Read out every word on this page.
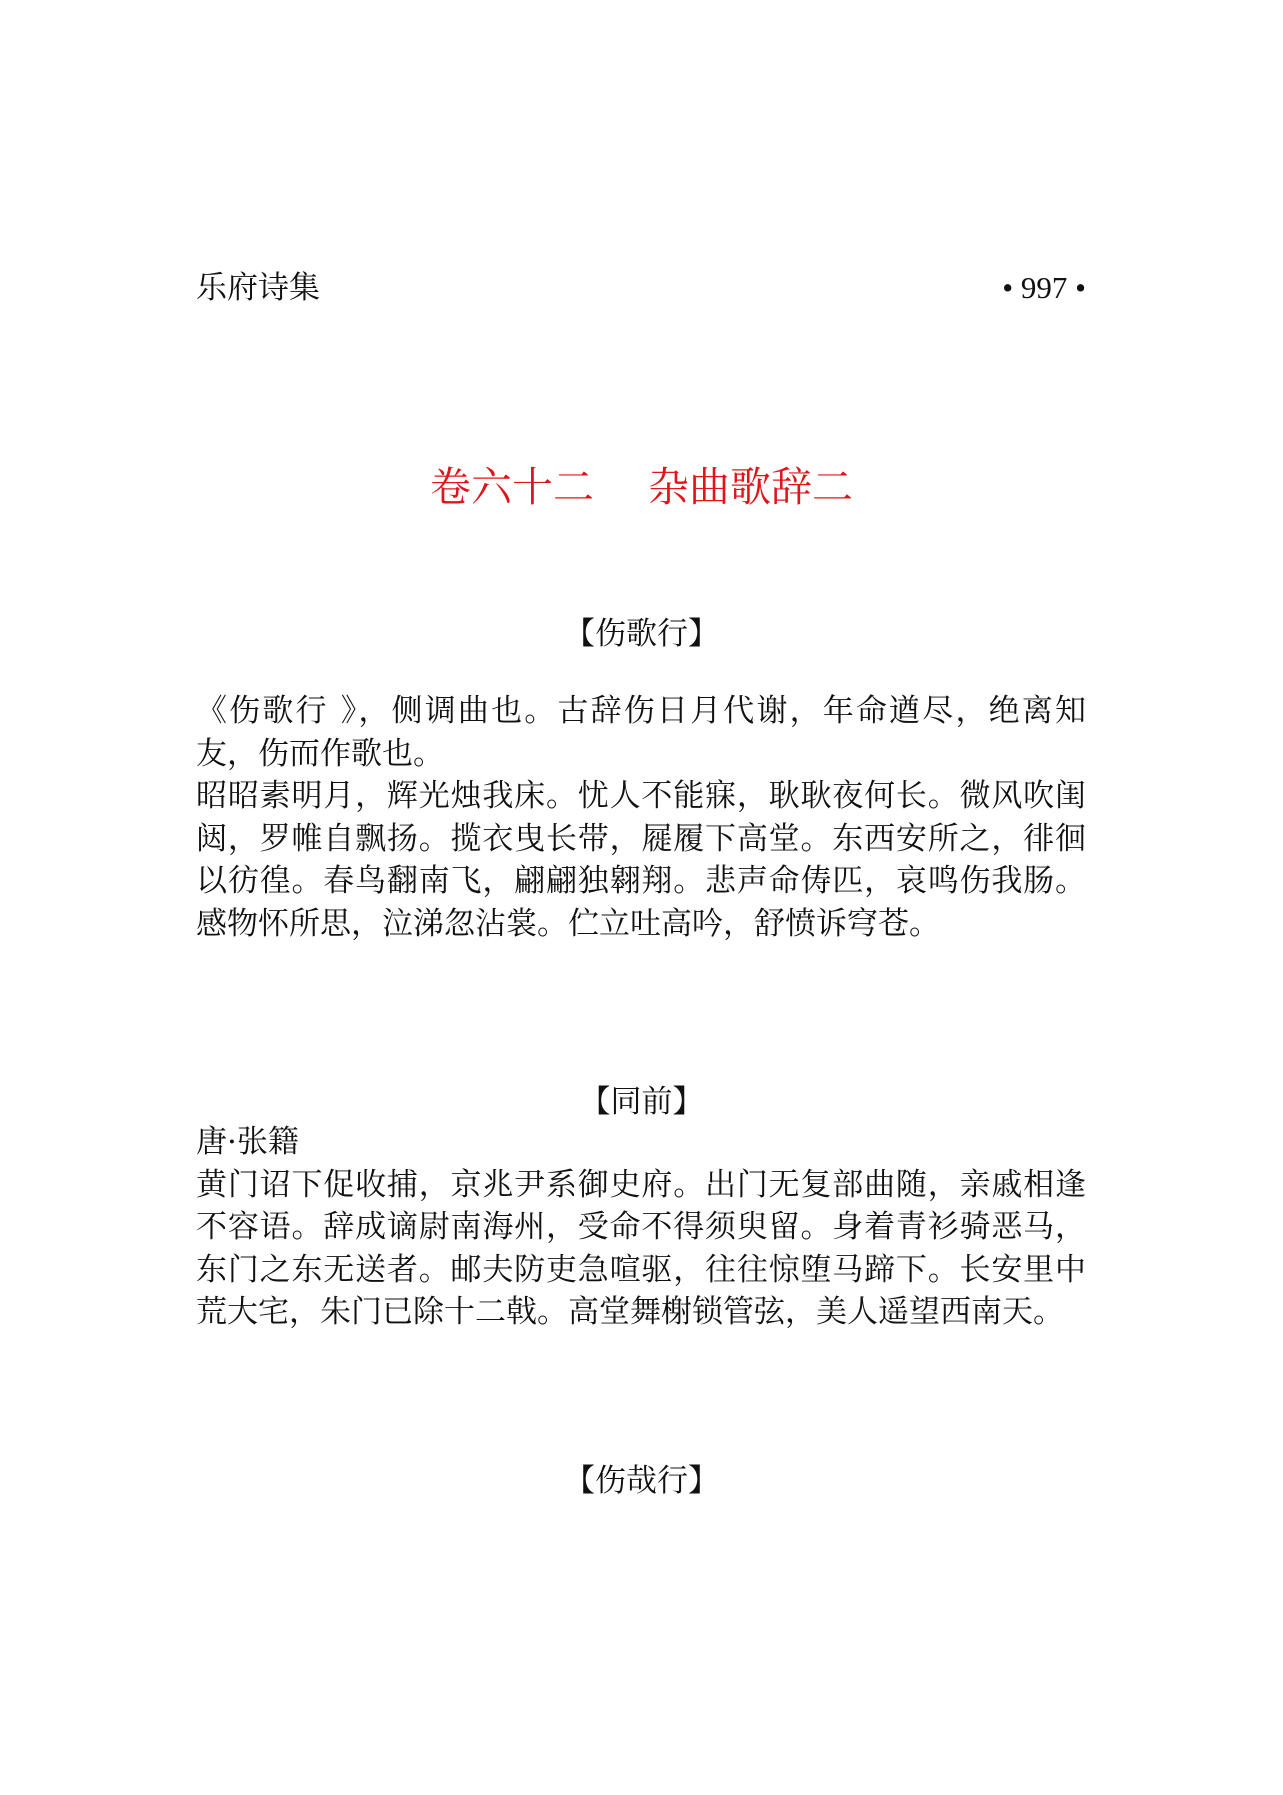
乐府诗集	• 997 •
卷六十二　 杂曲歌辞二
【伤歌行】

《伤歌行 》，侧调曲也。古辞伤日月代谢，年命遒尽，绝离知友，伤而作歌也。

昭昭素明月，辉光烛我床。忧人不能寐，耿耿夜何长。微风吹闺闼，罗帷自飘扬。揽衣曳长带，屣履下高堂。东西安所之，徘徊以彷徨。春鸟翻南飞，翩翩独翱翔。悲声命俦匹，哀鸣伤我肠。感物怀所思，泣涕忽沾裳。伫立吐高吟，舒愤诉穹苍。

【同前】

唐·张籍

黄门诏下促收捕，京兆尹系御史府。出门无复部曲随，亲戚相逢不容语。辞成谪尉南海州，受命不得须臾留。身着青衫骑恶马，东门之东无送者。邮夫防吏急喧驱，往往惊堕马蹄下。长安里中荒大宅，朱门已除十二戟。高堂舞榭锁管弦，美人遥望西南天。

【伤哉行】
